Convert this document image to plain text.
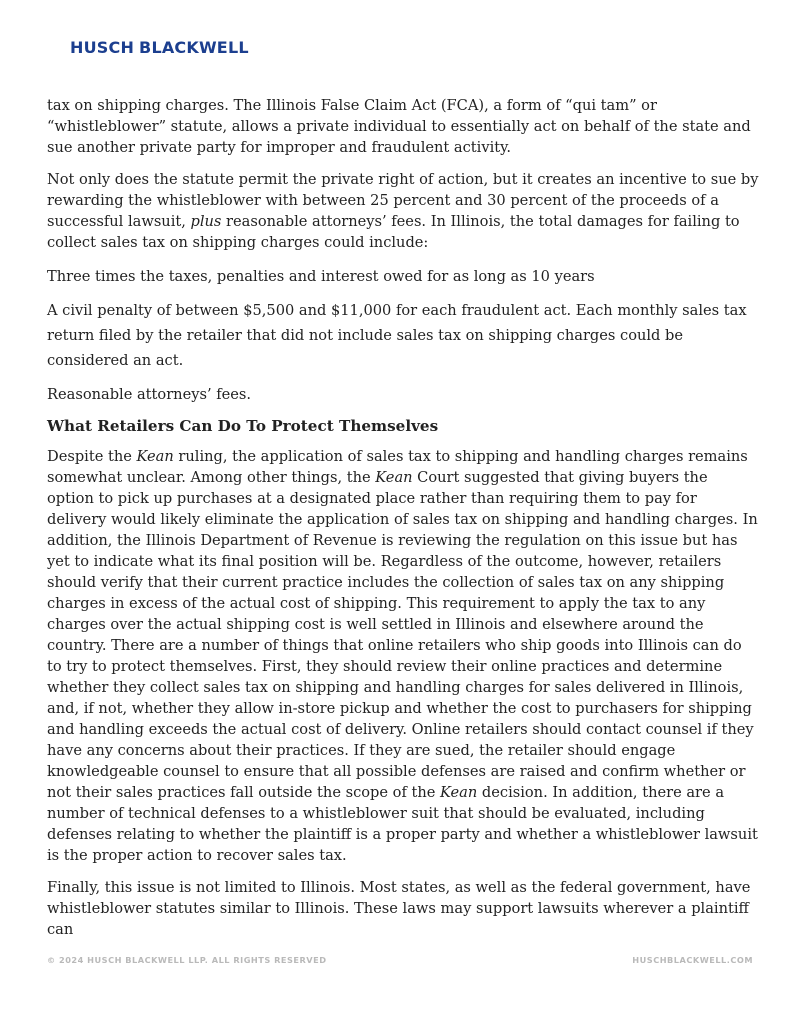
HUSCH BLACKWELL

tax on shipping charges. The Illinois False Claim Act (FCA), a form of “qui tam” or “whistleblower” statute, allows a private individual to essentially act on behalf of the state and sue another private party for improper and fraudulent activity.

Not only does the statute permit the private right of action, but it creates an incentive to sue by rewarding the whistleblower with between 25 percent and 30 percent of the proceeds of a successful lawsuit, plus reasonable attorneys’ fees. In Illinois, the total damages for failing to collect sales tax on shipping charges could include:

Three times the taxes, penalties and interest owed for as long as 10 years

A civil penalty of between $5,500 and $11,000 for each fraudulent act. Each monthly sales tax return filed by the retailer that did not include sales tax on shipping charges could be considered an act.

Reasonable attorneys’ fees.

What Retailers Can Do To Protect Themselves

Despite the Kean ruling, the application of sales tax to shipping and handling charges remains somewhat unclear. Among other things, the Kean Court suggested that giving buyers the option to pick up purchases at a designated place rather than requiring them to pay for delivery would likely eliminate the application of sales tax on shipping and handling charges. In addition, the Illinois Department of Revenue is reviewing the regulation on this issue but has yet to indicate what its final position will be. Regardless of the outcome, however, retailers should verify that their current practice includes the collection of sales tax on any shipping charges in excess of the actual cost of shipping. This requirement to apply the tax to any charges over the actual shipping cost is well settled in Illinois and elsewhere around the country. There are a number of things that online retailers who ship goods into Illinois can do to try to protect themselves. First, they should review their online practices and determine whether they collect sales tax on shipping and handling charges for sales delivered in Illinois, and, if not, whether they allow in-store pickup and whether the cost to purchasers for shipping and handling exceeds the actual cost of delivery. Online retailers should contact counsel if they have any concerns about their practices. If they are sued, the retailer should engage knowledgeable counsel to ensure that all possible defenses are raised and confirm whether or not their sales practices fall outside the scope of the Kean decision. In addition, there are a number of technical defenses to a whistleblower suit that should be evaluated, including defenses relating to whether the plaintiff is a proper party and whether a whistleblower lawsuit is the proper action to recover sales tax.

Finally, this issue is not limited to Illinois. Most states, as well as the federal government, have whistleblower statutes similar to Illinois. These laws may support lawsuits wherever a plaintiff can

© 2024 HUSCH BLACKWELL LLP. ALL RIGHTS RESERVED	HUSCHBLACKWELL.COM
